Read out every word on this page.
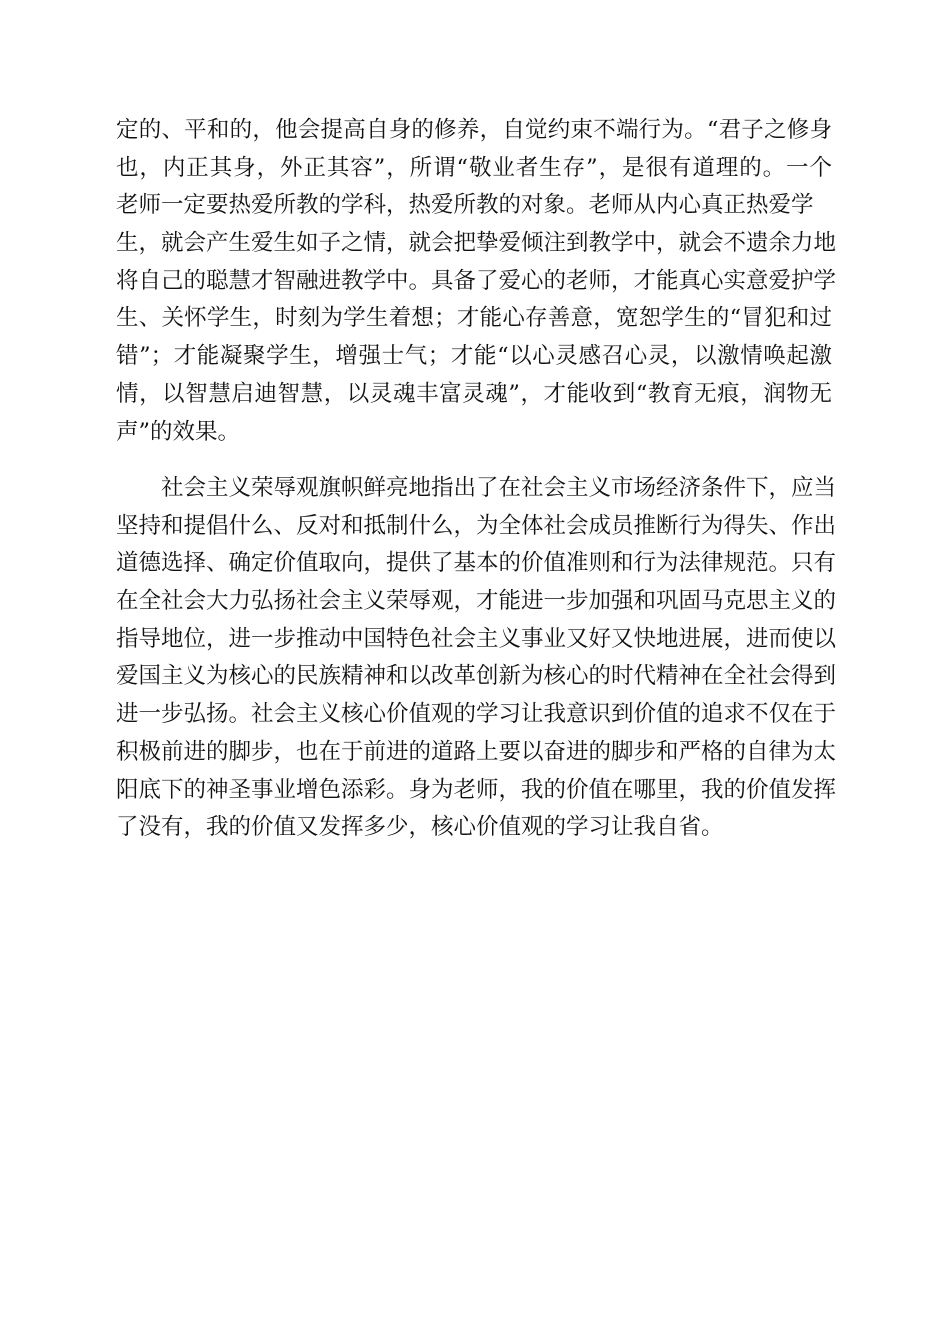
定的、平和的，他会提高自身的修养，自觉约束不端行为。“君子之修身
也，内正其身，外正其容”，所谓“敬业者生存”，是很有道理的。一个
老师一定要热爱所教的学科，热爱所教的对象。老师从内心真正热爱学
生，就会产生爱生如子之情，就会把挚爱倾注到教学中，就会不遗余力地
将自己的聪慧才智融进教学中。具备了爱心的老师，才能真心实意爱护学
生、关怀学生，时刻为学生着想；才能心存善意，宽恕学生的“冒犯和过
错”；才能凝聚学生，增强士气；才能“以心灵感召心灵，以激情唤起激
情，以智慧启迪智慧，以灵魂丰富灵魂”，才能收到“教育无痕，润物无
声”的效果。
社会主义荣辱观旗帜鲜亮地指出了在社会主义市场经济条件下，应当
坚持和提倡什么、反对和抵制什么，为全体社会成员推断行为得失、作出
道德选择、确定价值取向，提供了基本的价值准则和行为法律规范。只有
在全社会大力弘扬社会主义荣辱观，才能进一步加强和巩固马克思主义的
指导地位，进一步推动中国特色社会主义事业又好又快地进展，进而使以
爱国主义为核心的民族精神和以改革创新为核心的时代精神在全社会得到
进一步弘扬。社会主义核心价值观的学习让我意识到价值的追求不仅在于
积极前进的脚步，也在于前进的道路上要以奋进的脚步和严格的自律为太
阳底下的神圣事业增色添彩。身为老师，我的价值在哪里，我的价值发挥
了没有，我的价值又发挥多少，核心价值观的学习让我自省。
